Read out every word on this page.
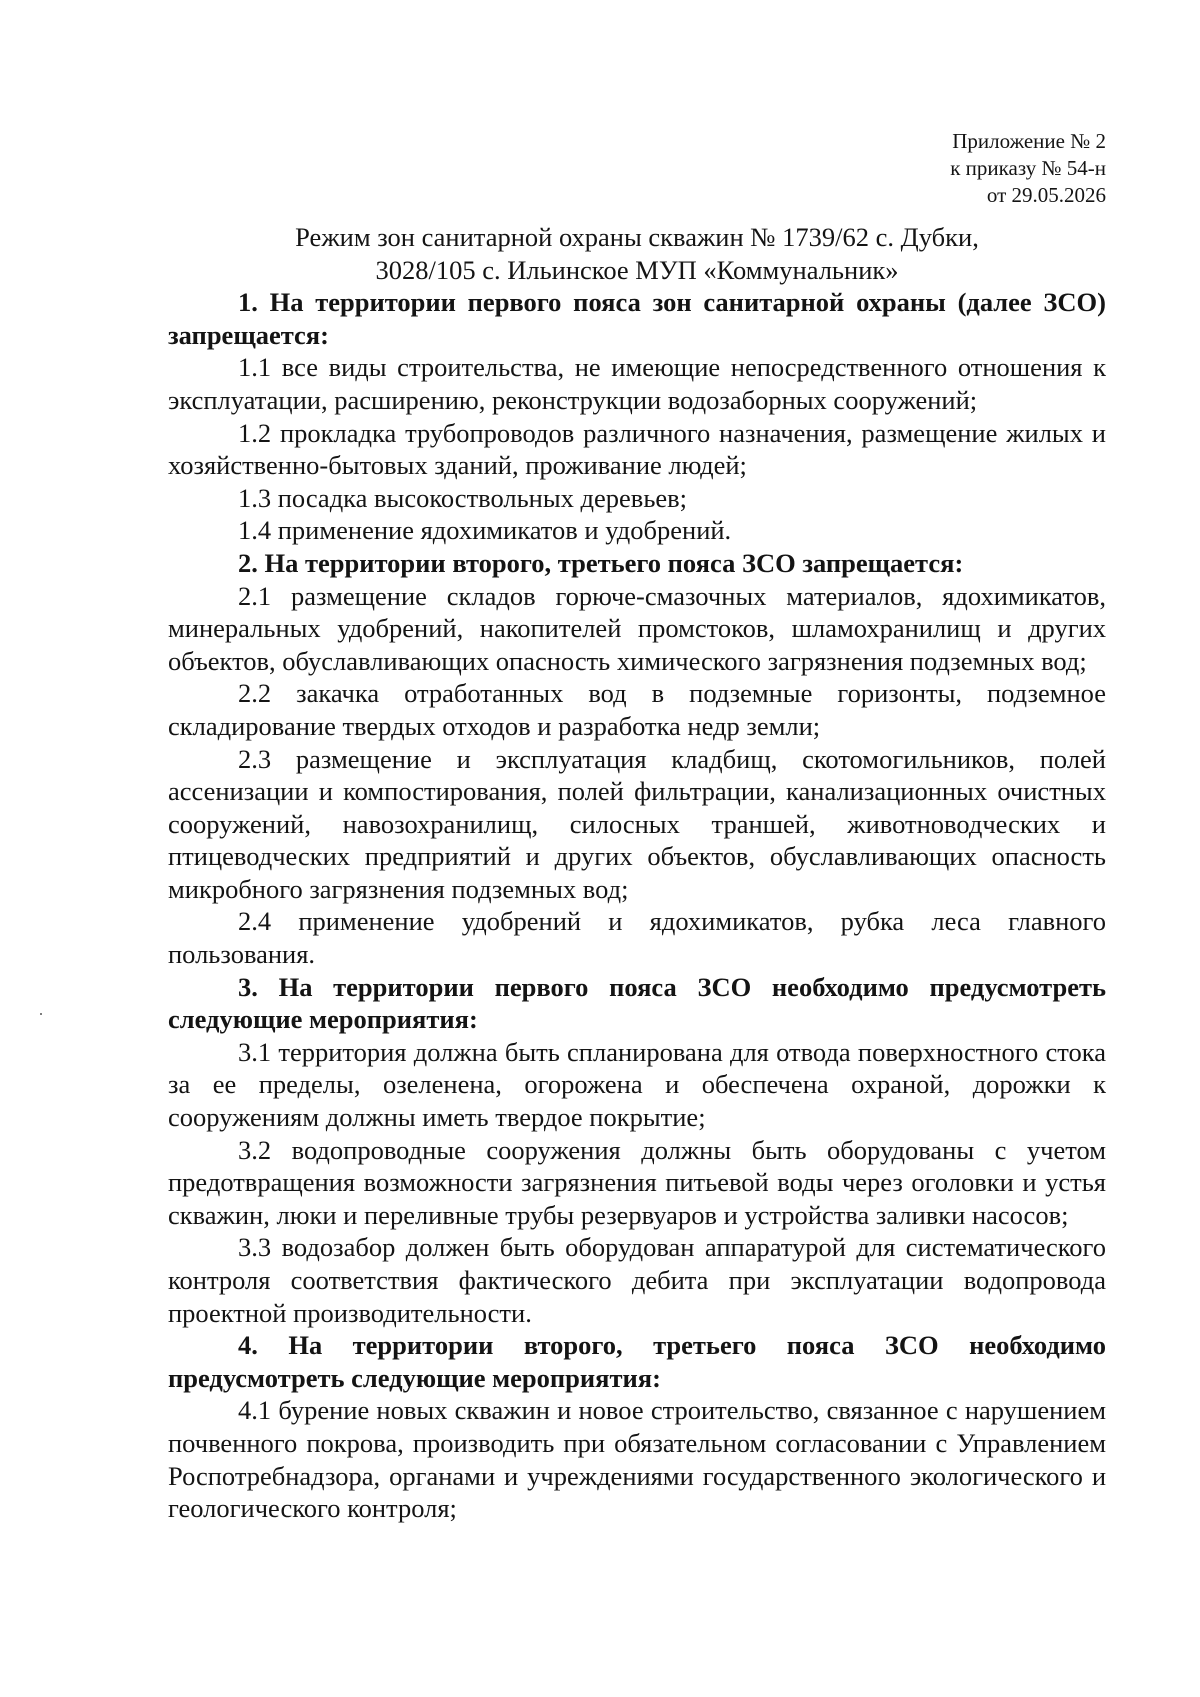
Приложение № 2
к приказу № 54-н
от 29.05.2026
Режим зон санитарной охраны скважин № 1739/62 с. Дубки,
3028/105 с. Ильинское МУП «Коммунальник»

1. На территории первого пояса зон санитарной охраны (далее ЗСО) запрещается:

1.1 все виды строительства, не имеющие непосредственного отношения к эксплуатации, расширению, реконструкции водозаборных сооружений;

1.2 прокладка трубопроводов различного назначения, размещение жилых и хозяйственно-бытовых зданий, проживание людей;

1.3 посадка высокоствольных деревьев;

1.4 применение ядохимикатов и удобрений.

2. На территории второго, третьего пояса ЗСО запрещается:

2.1 размещение складов горюче-смазочных материалов, ядохимикатов, минеральных удобрений, накопителей промстоков, шламохранилищ и других объектов, обуславливающих опасность химического загрязнения подземных вод;

2.2 закачка отработанных вод в подземные горизонты, подземное складирование твердых отходов и разработка недр земли;

2.3 размещение и эксплуатация кладбищ, скотомогильников, полей ассенизации и компостирования, полей фильтрации, канализационных очистных сооружений, навозохранилищ, силосных траншей, животноводческих и птицеводческих предприятий и других объектов, обуславливающих опасность микробного загрязнения подземных вод;

2.4 применение удобрений и ядохимикатов, рубка леса главного пользования.

3. На территории первого пояса ЗСО необходимо предусмотреть следующие мероприятия:

3.1 территория должна быть спланирована для отвода поверхностного стока за ее пределы, озеленена, огорожена и обеспечена охраной, дорожки к сооружениям должны иметь твердое покрытие;

3.2 водопроводные сооружения должны быть оборудованы с учетом предотвращения возможности загрязнения питьевой воды через оголовки и устья скважин, люки и переливные трубы резервуаров и устройства заливки насосов;

3.3 водозабор должен быть оборудован аппаратурой для систематического контроля соответствия фактического дебита при эксплуатации водопровода проектной производительности.

4. На территории второго, третьего пояса ЗСО необходимо предусмотреть следующие мероприятия:

4.1 бурение новых скважин и новое строительство, связанное с нарушением почвенного покрова, производить при обязательном согласовании с Управлением Роспотребнадзора, органами и учреждениями государственного экологического и геологического контроля;
